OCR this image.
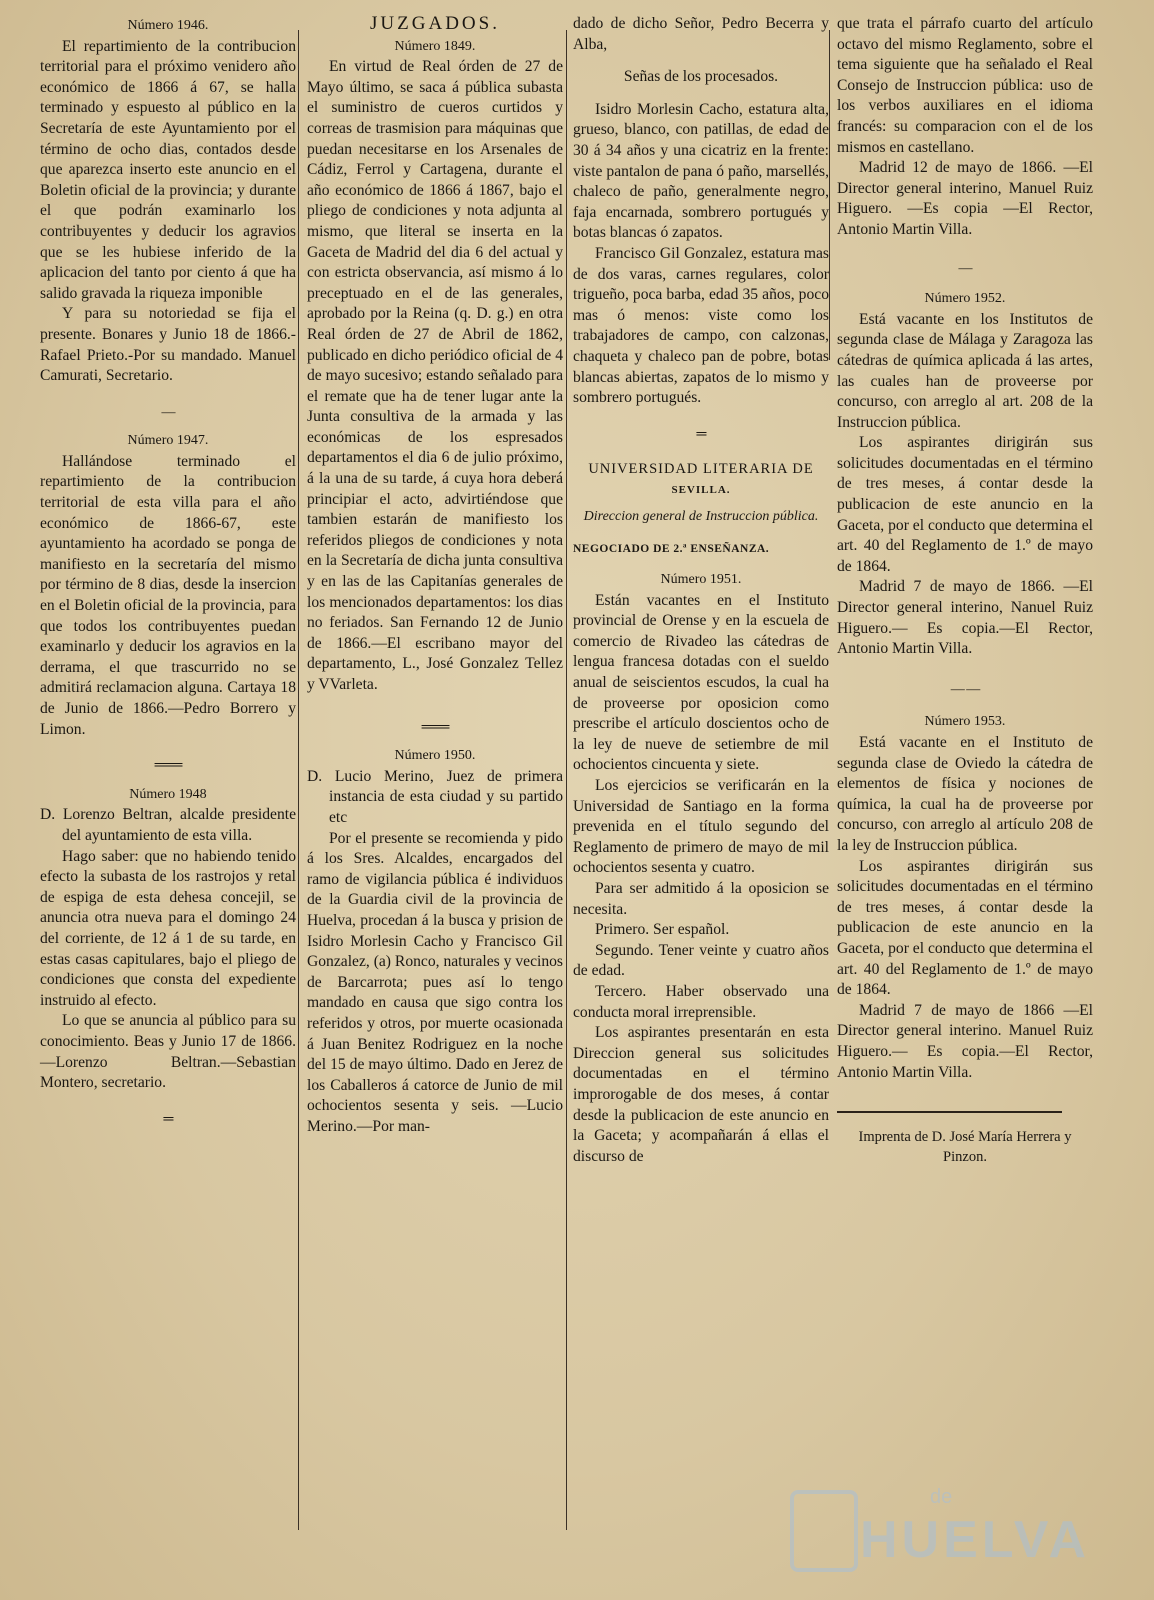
Número 1946.

El repartimiento de la contribucion territorial para el próximo venidero año económico de 1866 á 67, se halla terminado y espuesto al público en la Secretaría de este Ayuntamiento por el término de ocho dias, contados desde que aparezca inserto este anuncio en el Boletin oficial de la provincia; y durante el que podrán examinarlo los contribuyentes y deducir los agravios que se les hubiese inferido de la aplicacion del tanto por ciento á que ha salido gravada la riqueza imponible

Y para su notoriedad se fija el presente. Bonares y Junio 18 de 1866.-Rafael Prieto.-Por su mandado. Manuel Camurati, Secretario.

—
Número 1947.

Hallándose terminado el repartimiento de la contribucion territorial de esta villa para el año económico de 1866-67, este ayuntamiento ha acordado se ponga de manifiesto en la secretaría del mismo por término de 8 dias, desde la insercion en el Boletin oficial de la provincia, para que todos los contribuyentes puedan examinarlo y deducir los agravios en la derrama, el que trascurrido no se admitirá reclamacion alguna. Cartaya 18 de Junio de 1866.—Pedro Borrero y Limon.

═══
Número 1948

D. Lorenzo Beltran, alcalde presidente del ayuntamiento de esta villa.

Hago saber: que no habiendo tenido efecto la subasta de los rastrojos y retal de espiga de esta dehesa concejil, se anuncia otra nueva para el domingo 24 del corriente, de 12 á 1 de su tarde, en estas casas capitulares, bajo el pliego de condiciones que consta del expediente instruido al efecto.

Lo que se anuncia al público para su conocimiento. Beas y Junio 17 de 1866.—Lorenzo Beltran.—Sebastian Montero, secretario.

═
JUZGADOS.
Número 1849.

En virtud de Real órden de 27 de Mayo último, se saca á pública subasta el suministro de cueros curtidos y correas de trasmision para máquinas que puedan necesitarse en los Arsenales de Cádiz, Ferrol y Cartagena, durante el año económico de 1866 á 1867, bajo el pliego de condiciones y nota adjunta al mismo, que literal se inserta en la Gaceta de Madrid del dia 6 del actual y con estricta observancia, así mismo á lo preceptuado en el de las generales, aprobado por la Reina (q. D. g.) en otra Real órden de 27 de Abril de 1862, publicado en dicho periódico oficial de 4 de mayo sucesivo; estando señalado para el remate que ha de tener lugar ante la Junta consultiva de la armada y las económicas de los espresados departamentos el dia 6 de julio próximo, á la una de su tarde, á cuya hora deberá principiar el acto, advirtiéndose que tambien estarán de manifiesto los referidos pliegos de condiciones y nota en la Secretaría de dicha junta consultiva y en las de las Capitanías generales de los mencionados departamentos: los dias no feriados. San Fernando 12 de Junio de 1866.—El escribano mayor del departamento, L., José Gonzalez Tellez y VVarleta.

═══
Número 1950.

D. Lucio Merino, Juez de primera instancia de esta ciudad y su partido etc

Por el presente se recomienda y pido á los Sres. Alcaldes, encargados del ramo de vigilancia pública é individuos de la Guardia civil de la provincia de Huelva, procedan á la busca y prision de Isidro Morlesin Cacho y Francisco Gil Gonzalez, (a) Ronco, naturales y vecinos de Barcarrota; pues así lo tengo mandado en causa que sigo contra los referidos y otros, por muerte ocasionada á Juan Benitez Rodriguez en la noche del 15 de mayo último. Dado en Jerez de los Caballeros á catorce de Junio de mil ochocientos sesenta y seis. —Lucio Merino.—Por man-

dado de dicho Señor, Pedro Becerra y Alba,

Señas de los procesados.

Isidro Morlesin Cacho, estatura alta, grueso, blanco, con patillas, de edad de 30 á 34 años y una cicatriz en la frente: viste pantalon de pana ó paño, marsellés, chaleco de paño, generalmente negro, faja encarnada, sombrero portugués y botas blancas ó zapatos.

Francisco Gil Gonzalez, estatura mas de dos varas, carnes regulares, color trigueño, poca barba, edad 35 años, poco mas ó menos: viste como los trabajadores de campo, con calzonas, chaqueta y chaleco pan de pobre, botas blancas abiertas, zapatos de lo mismo y sombrero portugués.

═
UNIVERSIDAD LITERARIA DE
SEVILLA.
Direccion general de Instruccion pública.
NEGOCIADO DE 2.ª ENSEÑANZA.
Número 1951.

Están vacantes en el Instituto provincial de Orense y en la escuela de comercio de Rivadeo las cátedras de lengua francesa dotadas con el sueldo anual de seiscientos escudos, la cual ha de proveerse por oposicion como prescribe el artículo doscientos ocho de la ley de nueve de setiembre de mil ochocientos cincuenta y siete.

Los ejercicios se verificarán en la Universidad de Santiago en la forma prevenida en el título segundo del Reglamento de primero de mayo de mil ochocientos sesenta y cuatro.

Para ser admitido á la oposicion se necesita.

Primero. Ser español.

Segundo. Tener veinte y cuatro años de edad.

Tercero. Haber observado una conducta moral irreprensible.

Los aspirantes presentarán en esta Direccion general sus solicitudes documentadas en el término improrogable de dos meses, á contar desde la publicacion de este anuncio en la Gaceta; y acompañarán á ellas el discurso de

que trata el párrafo cuarto del artículo octavo del mismo Reglamento, sobre el tema siguiente que ha señalado el Real Consejo de Instruccion pública: uso de los verbos auxiliares en el idioma francés: su comparacion con el de los mismos en castellano.

Madrid 12 de mayo de 1866. —El Director general interino, Manuel Ruiz Higuero. —Es copia —El Rector, Antonio Martin Villa.

—
Número 1952.

Está vacante en los Institutos de segunda clase de Málaga y Zaragoza las cátedras de química aplicada á las artes, las cuales han de proveerse por concurso, con arreglo al art. 208 de la Instruccion pública.

Los aspirantes dirigirán sus solicitudes documentadas en el término de tres meses, á contar desde la publicacion de este anuncio en la Gaceta, por el conducto que determina el art. 40 del Reglamento de 1.º de mayo de 1864.

Madrid 7 de mayo de 1866. —El Director general interino, Nanuel Ruiz Higuero.— Es copia.—El Rector, Antonio Martin Villa.

— —
Número 1953.

Está vacante en el Instituto de segunda clase de Oviedo la cátedra de elementos de física y nociones de química, la cual ha de proveerse por concurso, con arreglo al artículo 208 de la ley de Instruccion pública.

Los aspirantes dirigirán sus solicitudes documentadas en el término de tres meses, á contar desde la publicacion de este anuncio en la Gaceta, por el conducto que determina el art. 40 del Reglamento de 1.º de mayo de 1864.

Madrid 7 de mayo de 1866 —El Director general interino. Manuel Ruiz Higuero.— Es copia.—El Rector, Antonio Martin Villa.

Imprenta de D. José María Herrera y Pinzon.
de
HUELVA
